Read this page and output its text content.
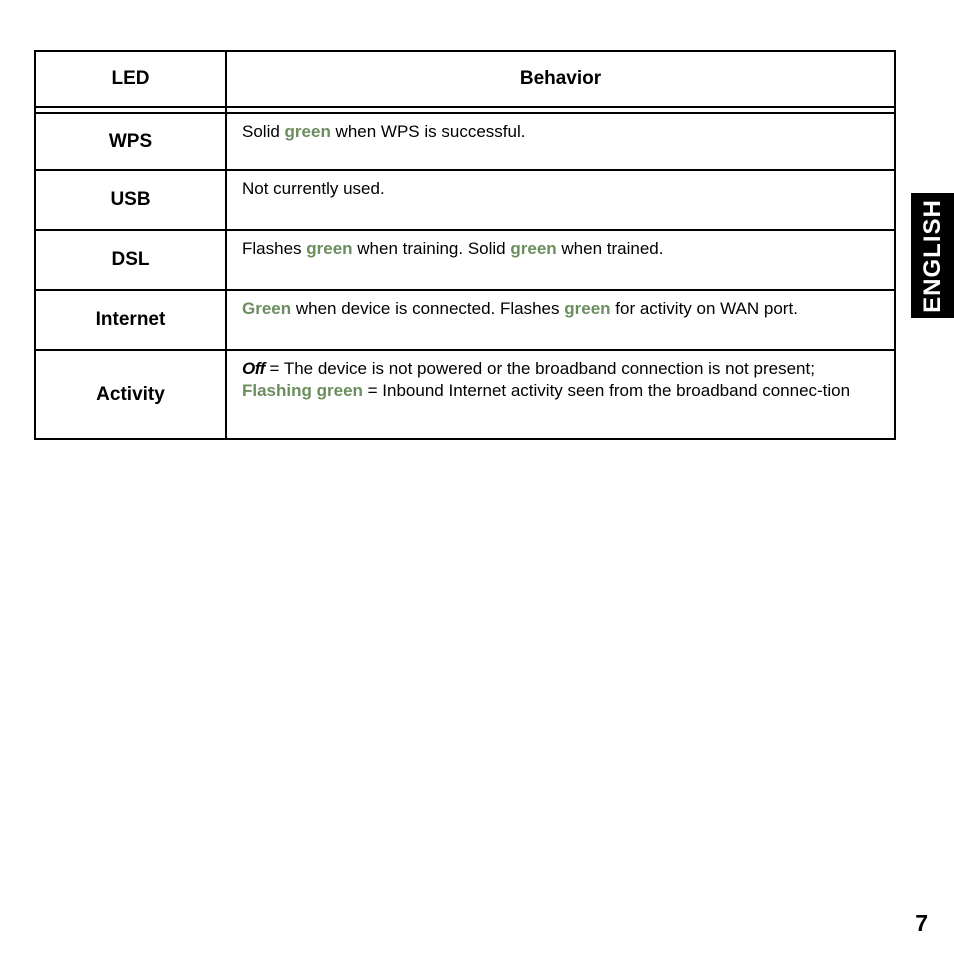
LED	Behavior

WPS	Solid green when WPS is successful.
USB	Not currently used.
DSL	Flashes green when training. Solid green when trained.
Internet	Green when device is connected. Flashes green for activity on WAN port.
Activity	Off = The device is not powered or the broadband connection is not present;
Flashing green = Inbound Internet activity seen from the broadband connec-tion
ENGLISH
7
